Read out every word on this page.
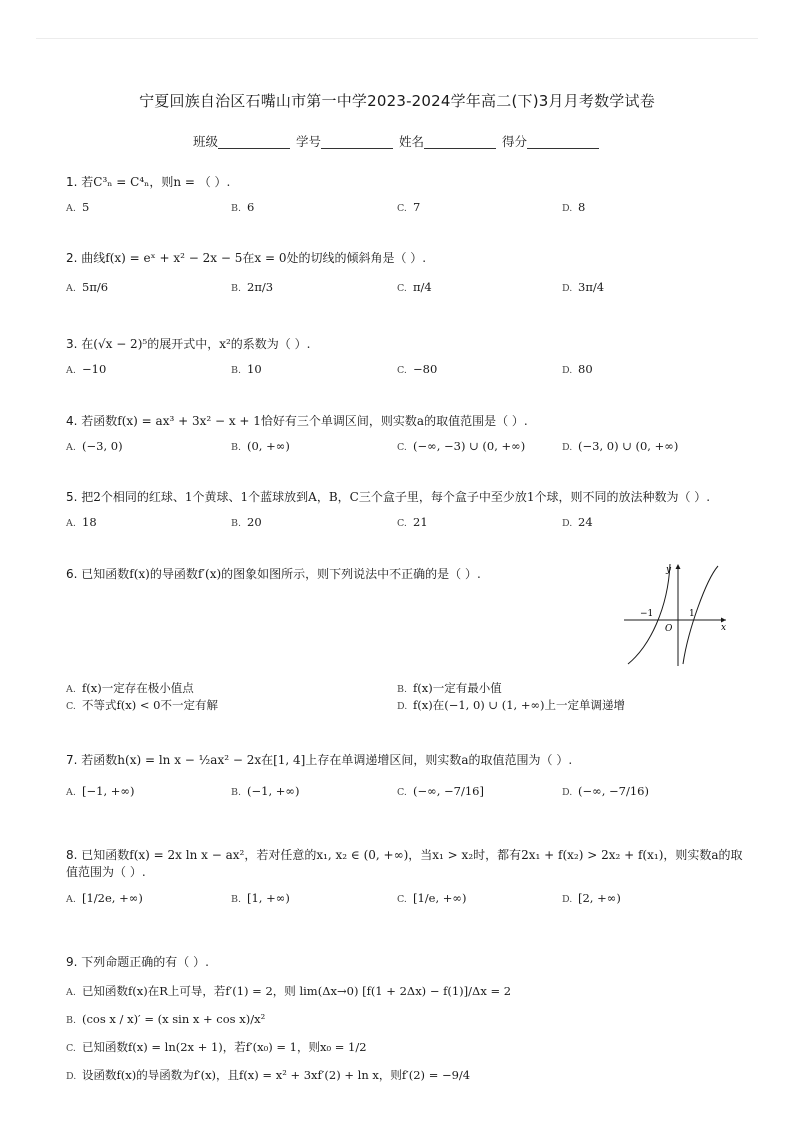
宁夏回族自治区石嘴山市第一中学2023-2024学年高二(下)3月月考数学试卷
班级	学号	姓名	得分
1. 若C³ₙ = C⁴ₙ，则n = （ ）.
A. 5	B. 6	C. 7	D. 8
2. 曲线f(x) = eˣ + x² − 2x − 5在x = 0处的切线的倾斜角是（ ）.
A. 5π/6	B. 2π/3	C. π/4	D. 3π/4
3. 在(√x − 2)⁵的展开式中，x²的系数为（ ）.
A. −10	B. 10	C. −80	D. 80
4. 若函数f(x) = ax³ + 3x² − x + 1恰好有三个单调区间，则实数a的取值范围是（ ）.
A. (−3, 0)	B. (0, +∞)	C. (−∞, −3) ∪ (0, +∞)	D. (−3, 0) ∪ (0, +∞)
5. 把2个相同的红球、1个黄球、1个蓝球放到A，B，C三个盒子里，每个盒子中至少放1个球，则不同的放法种数为（ ）.
A. 18	B. 20	C. 21	D. 24
6. 已知函数f(x)的导函数f′(x)的图象如图所示，则下列说法中不正确的是（ ）.	y
x
O
−1	1
A. f(x)一定存在极小值点	B. f(x)一定有最小值
C. 不等式f(x) < 0不一定有解	D. f(x)在(−1, 0) ∪ (1, +∞)上一定单调递增
7. 若函数h(x) = ln x − ½ax² − 2x在[1, 4]上存在单调递增区间，则实数a的取值范围为（ ）.
A. [−1, +∞)	B. (−1, +∞)	C. (−∞, −7/16]	D. (−∞, −7/16)
8. 已知函数f(x) = 2x ln x − ax²，若对任意的x₁, x₂ ∈ (0, +∞)，当x₁ > x₂时，都有2x₁ + f(x₂) > 2x₂ + f(x₁)，则实数a的取
值范围为（ ）.
A. [1/2e, +∞)	B. [1, +∞)	C. [1/e, +∞)	D. [2, +∞)
9. 下列命题正确的有（ ）.
A. 已知函数f(x)在R上可导，若f′(1) = 2，则 lim(Δx→0) [f(1 + 2Δx) − f(1)]/Δx = 2
B. (cos x / x)′ = (x sin x + cos x)/x²
C. 已知函数f(x) = ln(2x + 1)，若f′(x₀) = 1，则x₀ = 1/2
D. 设函数f(x)的导函数为f′(x)，且f(x) = x² + 3xf′(2) + ln x，则f′(2) = −9/4
